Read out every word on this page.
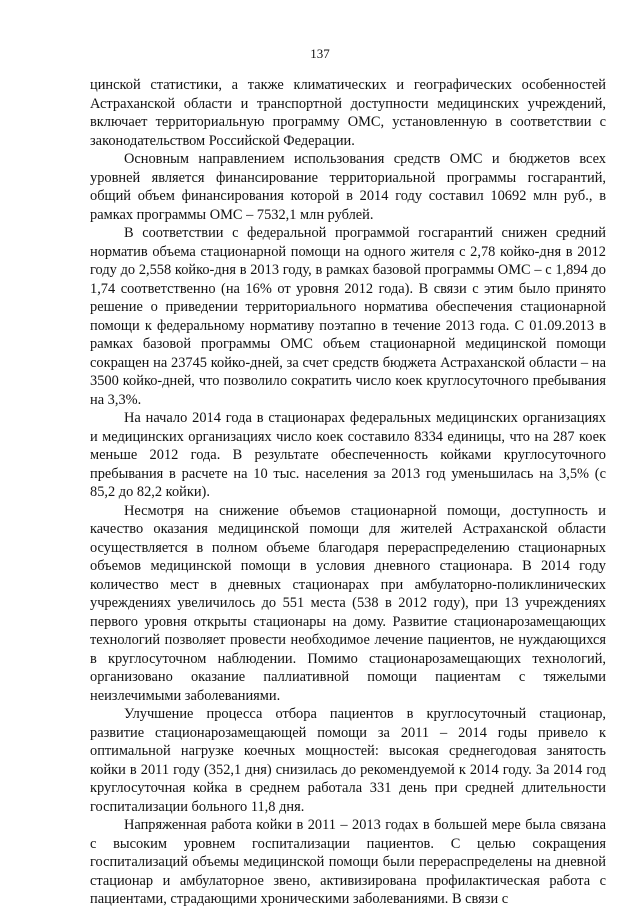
137

цинской статистики, а также климатических и географических особенностей Астраханской области и транспортной доступности медицинских учреждений, включает территориальную программу ОМС, установленную в соответствии с законодательством Российской Федерации.

Основным направлением использования средств ОМС и бюджетов всех уровней является финансирование территориальной программы госгарантий, общий объем финансирования которой в 2014 году составил 10692 млн руб., в рамках программы ОМС – 7532,1 млн рублей.

В соответствии с федеральной программой госгарантий снижен средний норматив объема стационарной помощи на одного жителя с 2,78 койко-дня в 2012 году до 2,558 койко-дня в 2013 году, в рамках базовой программы ОМС – с 1,894 до 1,74 соответственно (на 16% от уровня 2012 года). В связи с этим было принято решение о приведении территориального норматива обеспечения стационарной помощи к федеральному нормативу поэтапно в течение 2013 года. С 01.09.2013 в рамках базовой программы ОМС объем стационарной медицинской помощи сокращен на 23745 койко-дней, за счет средств бюджета Астраханской области – на 3500 койко-дней, что позволило сократить число коек круглосуточного пребывания на 3,3%.

На начало 2014 года в стационарах федеральных медицинских организациях и медицинских организациях число коек составило 8334 единицы, что на 287 коек меньше 2012 года. В результате обеспеченность койками круглосуточного пребывания в расчете на 10 тыс. населения за 2013 год уменьшилась на 3,5% (с 85,2 до 82,2 койки).

Несмотря на снижение объемов стационарной помощи, доступность и качество оказания медицинской помощи для жителей Астраханской области осуществляется в полном объеме благодаря перераспределению стационарных объемов медицинской помощи в условия дневного стационара. В 2014 году количество мест в дневных стационарах при амбулаторно-поликлинических учреждениях увеличилось до 551 места (538 в 2012 году), при 13 учреждениях первого уровня открыты стационары на дому. Развитие стационарозамещающих технологий позволяет провести необходимое лечение пациентов, не нуждающихся в круглосуточном наблюдении. Помимо стационарозамещающих технологий, организовано оказание паллиативной помощи пациентам с тяжелыми неизлечимыми заболеваниями.

Улучшение процесса отбора пациентов в круглосуточный стационар, развитие стационарозамещающей помощи за 2011 – 2014 годы привело к оптимальной нагрузке коечных мощностей: высокая среднегодовая занятость койки в 2011 году (352,1 дня) снизилась до рекомендуемой к 2014 году. За 2014 год круглосуточная койка в среднем работала 331 день при средней длительности госпитализации больного 11,8 дня.

Напряженная работа койки в 2011 – 2013 годах в большей мере была связана с высоким уровнем госпитализации пациентов. С целью сокращения госпитализаций объемы медицинской помощи были перераспределены на дневной стационар и амбулаторное звено, активизирована профилактическая работа с пациентами, страдающими хроническими заболеваниями. В связи с
